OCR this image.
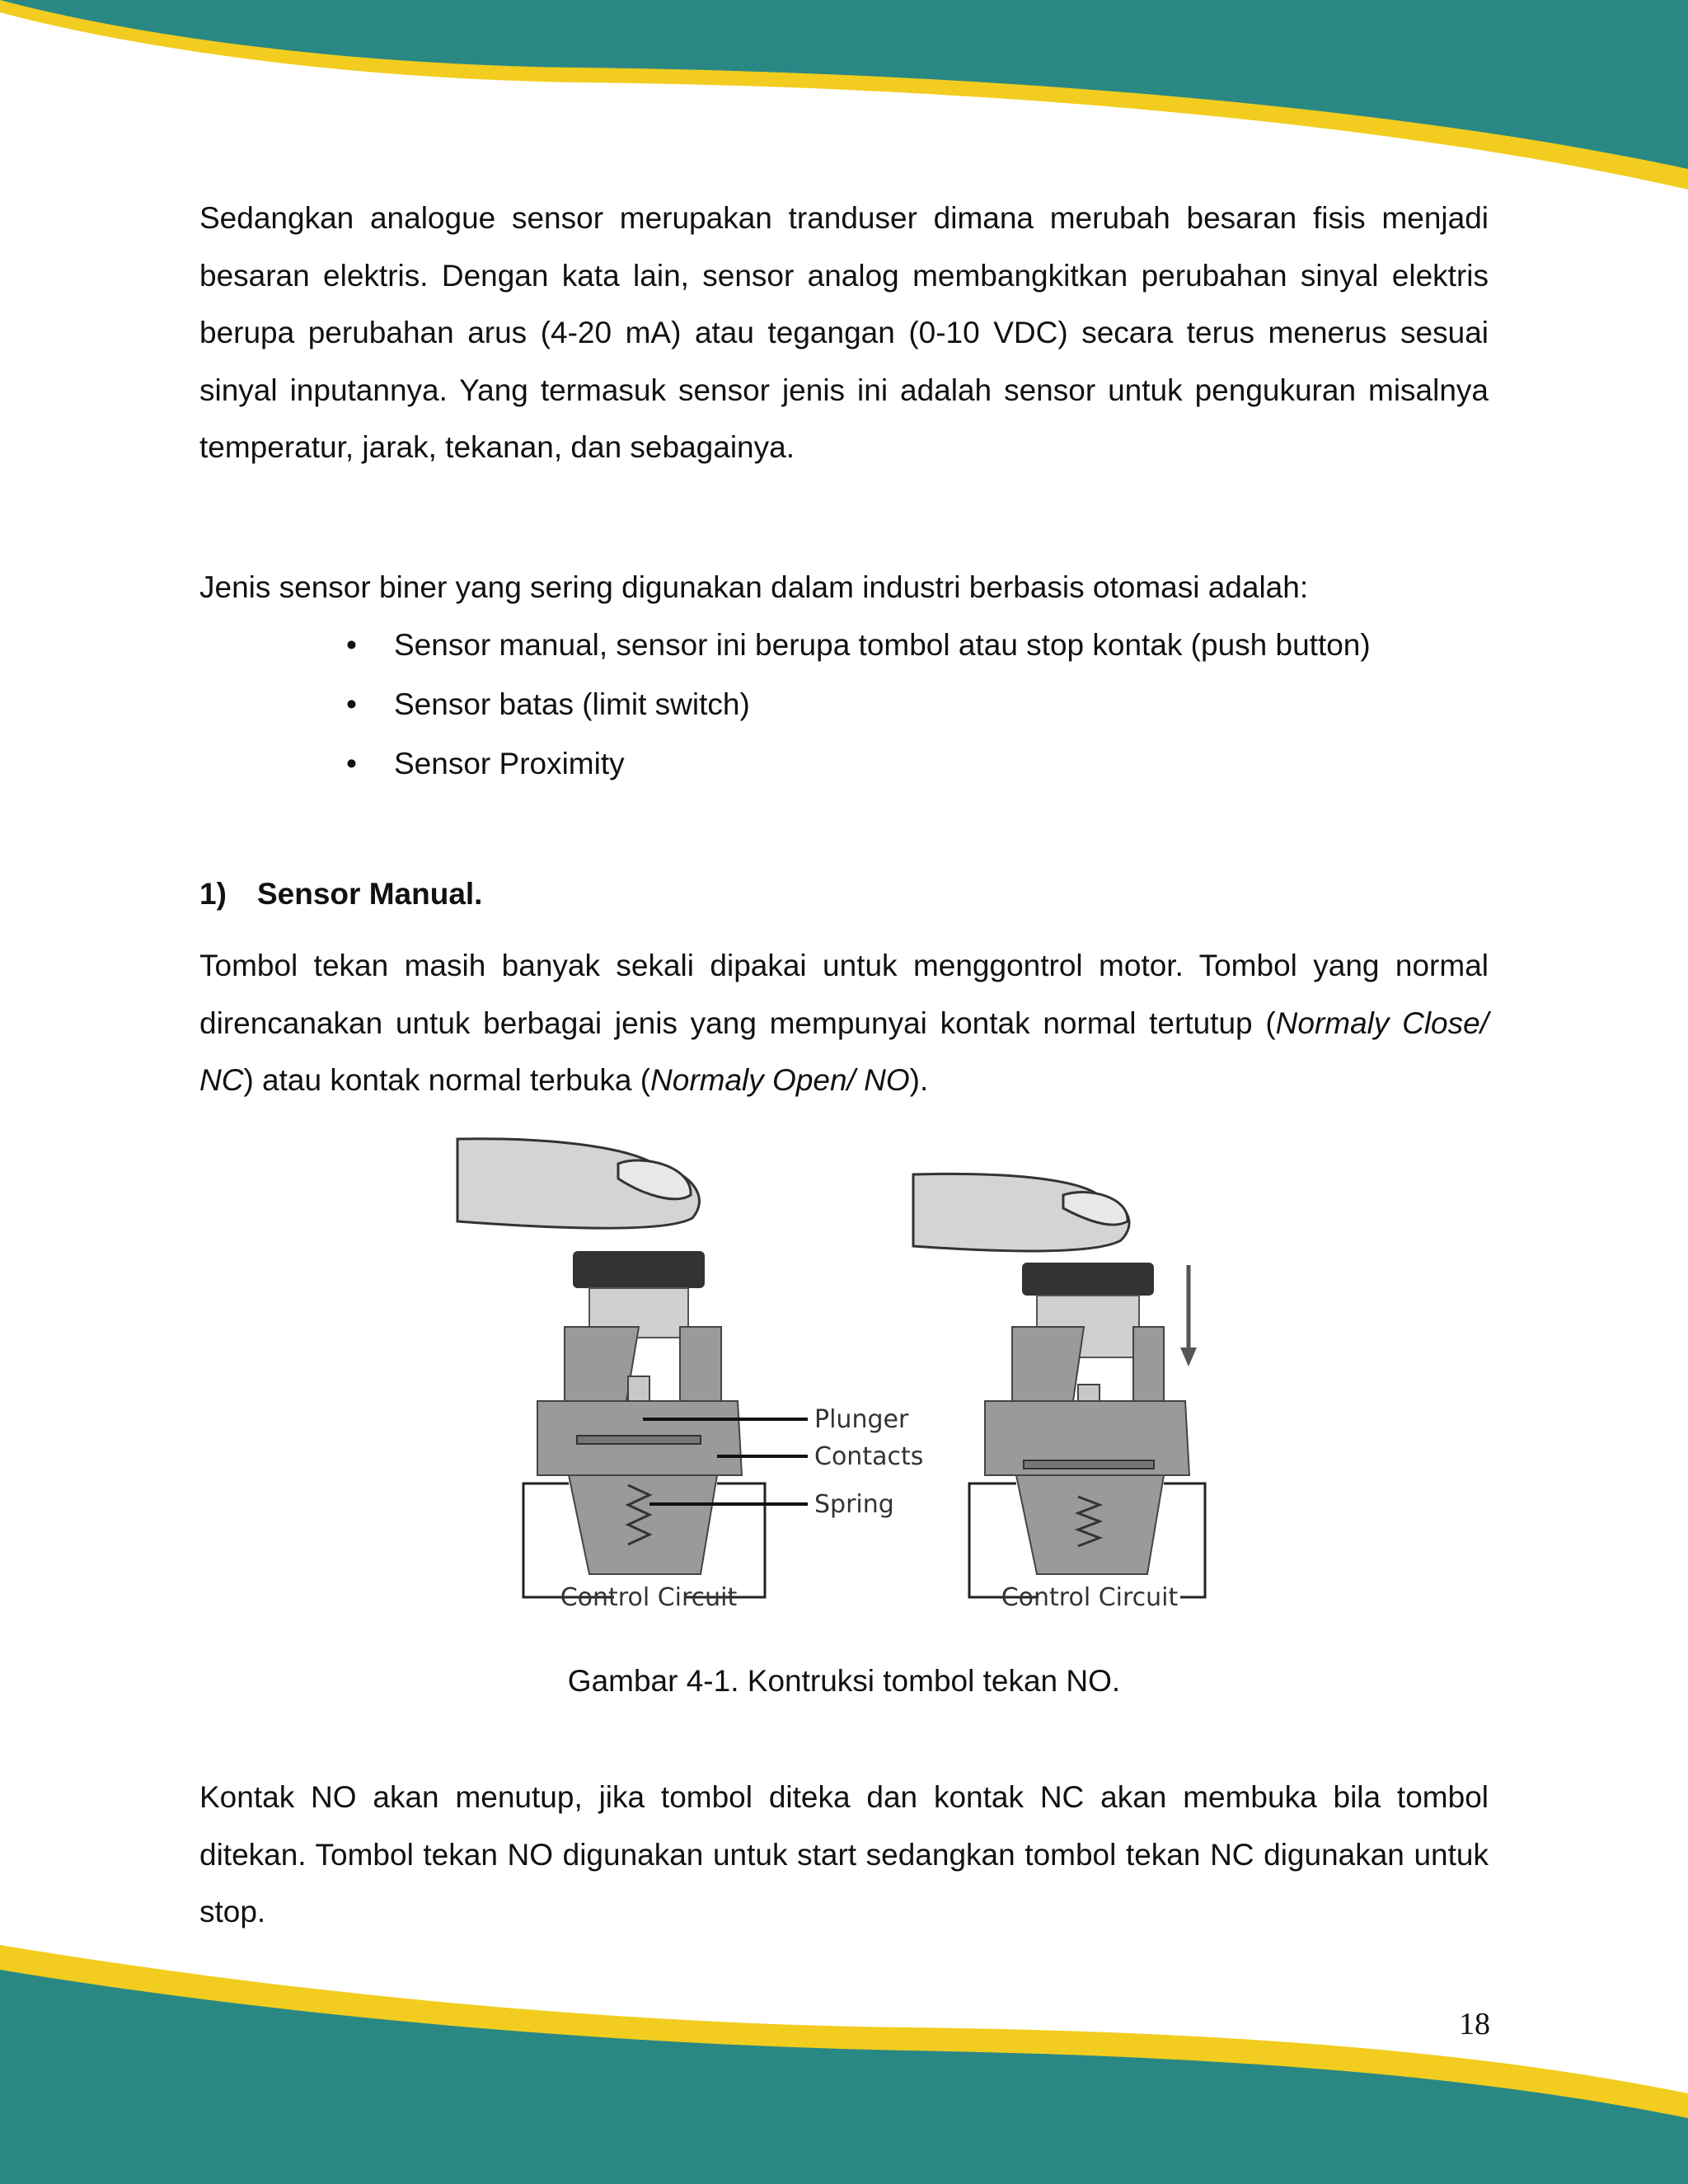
Sedangkan analogue sensor merupakan tranduser dimana merubah besaran fisis menjadi besaran elektris. Dengan kata lain, sensor analog membangkitkan perubahan sinyal elektris berupa perubahan arus (4-20 mA) atau tegangan (0-10 VDC) secara terus menerus sesuai sinyal inputannya. Yang termasuk sensor jenis ini adalah sensor untuk pengukuran misalnya temperatur, jarak, tekanan, dan sebagainya.

Jenis sensor biner yang sering digunakan dalam industri berbasis otomasi adalah:

• Sensor manual, sensor ini berupa tombol atau stop kontak (push button)
• Sensor batas (limit switch)
• Sensor Proximity
1) Sensor Manual.

Tombol tekan masih banyak sekali dipakai untuk menggontrol motor. Tombol yang normal direncanakan untuk berbagai jenis yang mempunyai kontak normal tertutup (Normaly Close/ NC) atau kontak normal terbuka (Normaly Open/ NO).

Control Circuit
Plunger
Contacts
Spring
Control Circuit
Gambar 4-1. Kontruksi tombol tekan NO.

Kontak NO akan menutup, jika tombol diteka dan kontak NC akan membuka bila tombol ditekan. Tombol tekan NO digunakan untuk start sedangkan tombol tekan NC digunakan untuk stop.

18
